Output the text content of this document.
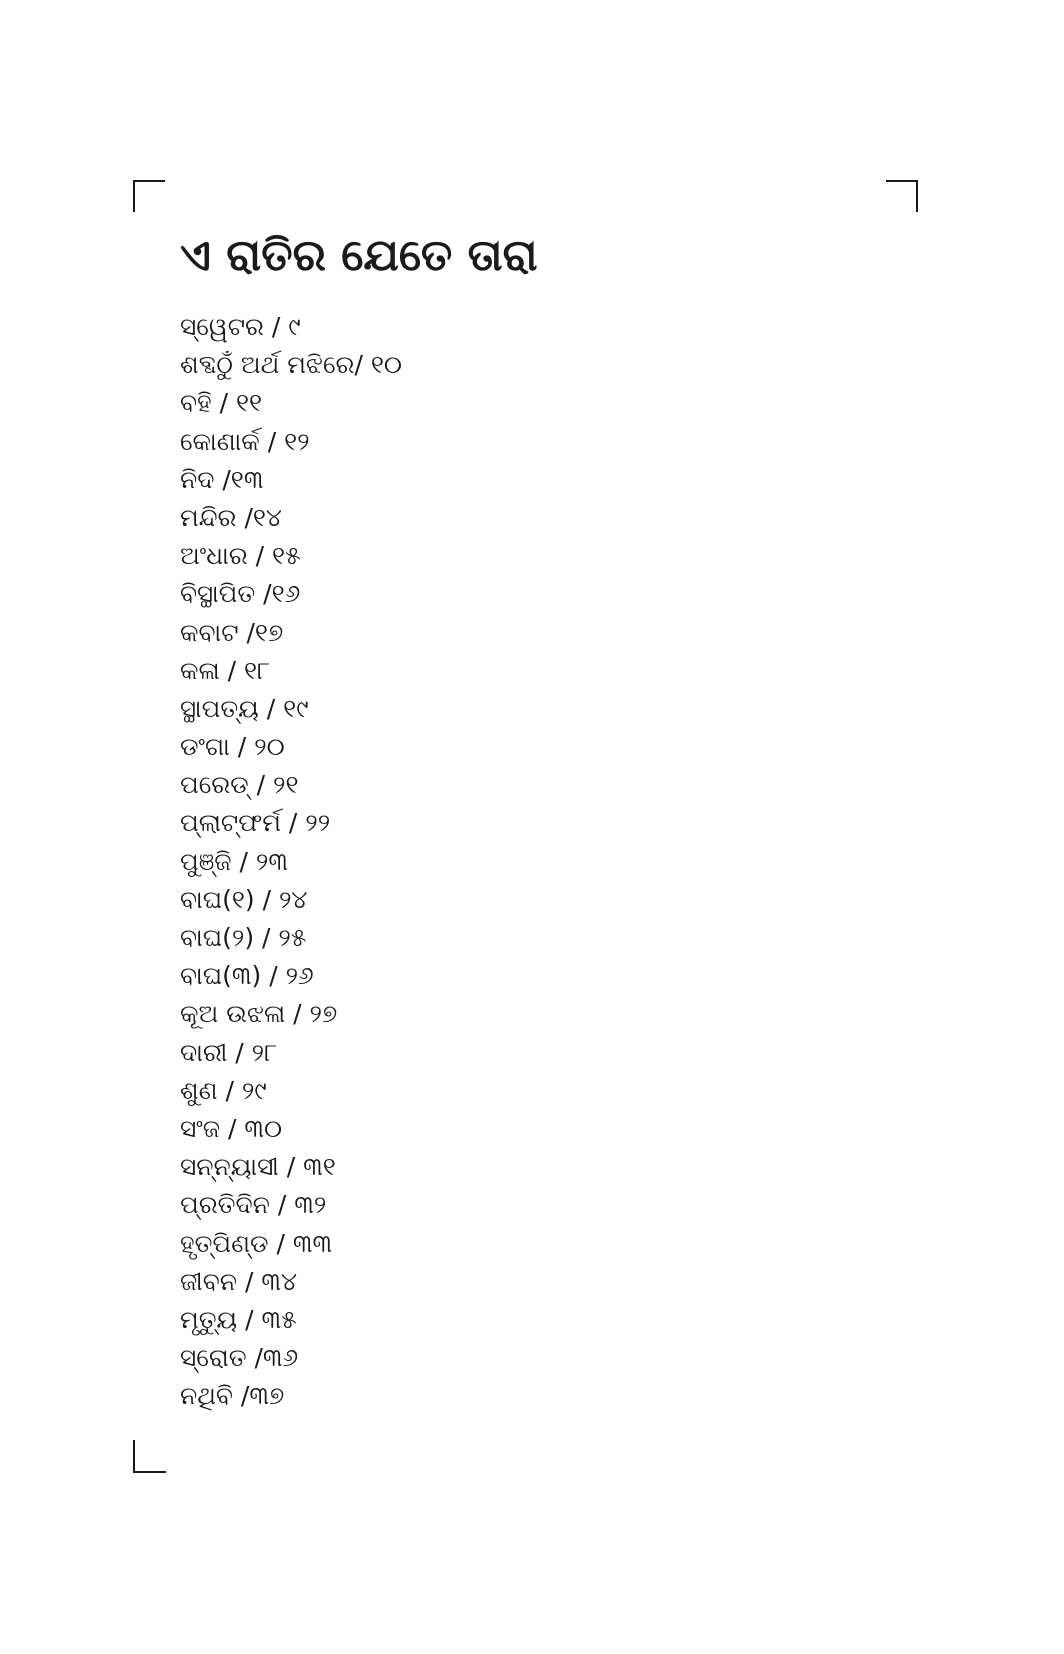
ଏ ରାତିର ଯେତେ ତାରା
ସ୍ୱେଟର / ୯
ଶବ୍ଦଠୁଁ ଅର୍ଥ ମଝିରେ/ ୧୦
ବହି / ୧୧
କୋଣାର୍କ / ୧୨
ନିଦ /୧୩
ମନ୍ଦିର /୧୪
ଅଂଧାର / ୧୫
ବିସ୍ଥାପିତ /୧୬
କବାଟ /୧୭
କଳା / ୧୮
ସ୍ଥାପତ୍ୟ / ୧୯
ଡଂଗା / ୨୦
ପରେଡ୍ / ୨୧
ପ୍ଲାଟ୍‌ଫର୍ମ / ୨୨
ପୁଞ୍ଜି / ୨୩
ବାଘ(୧) / ୨୪
ବାଘ(୨) / ୨୫
ବାଘ(୩) / ୨୬
କୂଅ ଉଝଳା / ୨୭
ଦାରୀ / ୨୮
ଶୁଣ / ୨୯
ସଂଜ / ୩୦
ସନ୍ନ୍ୟାସୀ / ୩୧
ପ୍ରତିଦିନ / ୩୨
ହୃତ୍‌ପିଣ୍ଡ / ୩୩
ଜୀବନ / ୩୪
ମୃତ୍ୟୁ / ୩୫
ସ୍ରୋତ /୩୬
ନଥିବି /୩୭
